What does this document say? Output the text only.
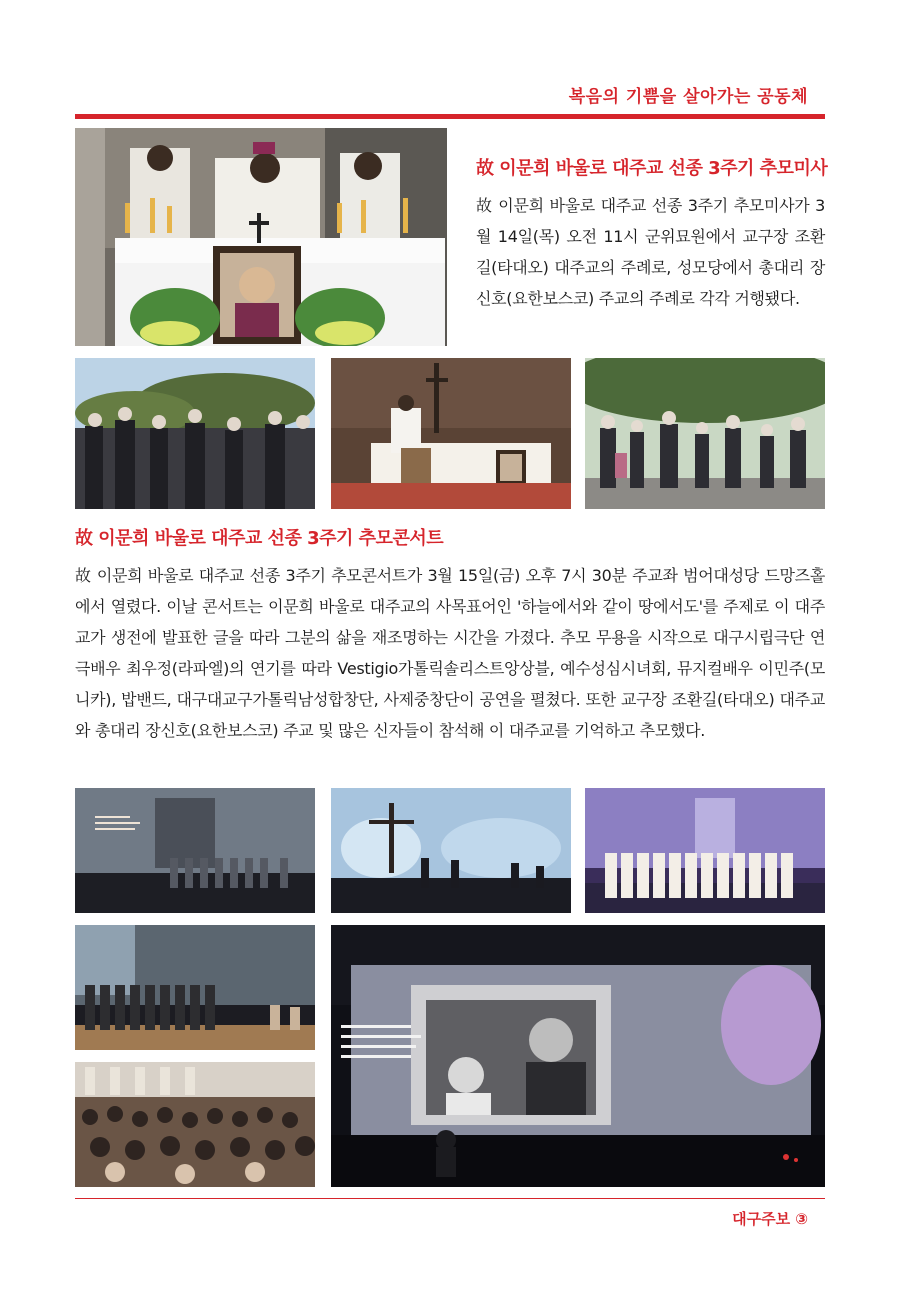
복음의 기쁨을 살아가는 공동체
故 이문희 바울로 대주교 선종 3주기 추모미사
故 이문희 바울로 대주교 선종 3주기 추모미사가 3월 14일(목) 오전 11시 군위묘원에서 교구장 조환길(타대오) 대주교의 주례로, 성모당에서 총대리 장신호(요한보스코) 주교의 주례로 각각 거행됐다.
故 이문희 바울로 대주교 선종 3주기 추모콘서트
故 이문희 바울로 대주교 선종 3주기 추모콘서트가 3월 15일(금) 오후 7시 30분 주교좌 범어대성당 드망즈홀에서 열렸다. 이날 콘서트는 이문희 바울로 대주교의 사목표어인 '하늘에서와 같이 땅에서도'를 주제로 이 대주교가 생전에 발표한 글을 따라 그분의 삶을 재조명하는 시간을 가졌다. 추모 무용을 시작으로 대구시립극단 연극배우 최우정(라파엘)의 연기를 따라 Vestigio가톨릭솔리스트앙상블, 예수성심시녀회, 뮤지컬배우 이민주(모니카), 밥밴드, 대구대교구가톨릭남성합창단, 사제중창단이 공연을 펼쳤다. 또한 교구장 조환길(타대오) 대주교와 총대리 장신호(요한보스코) 주교 및 많은 신자들이 참석해 이 대주교를 기억하고 추모했다.
대구주보 ③
